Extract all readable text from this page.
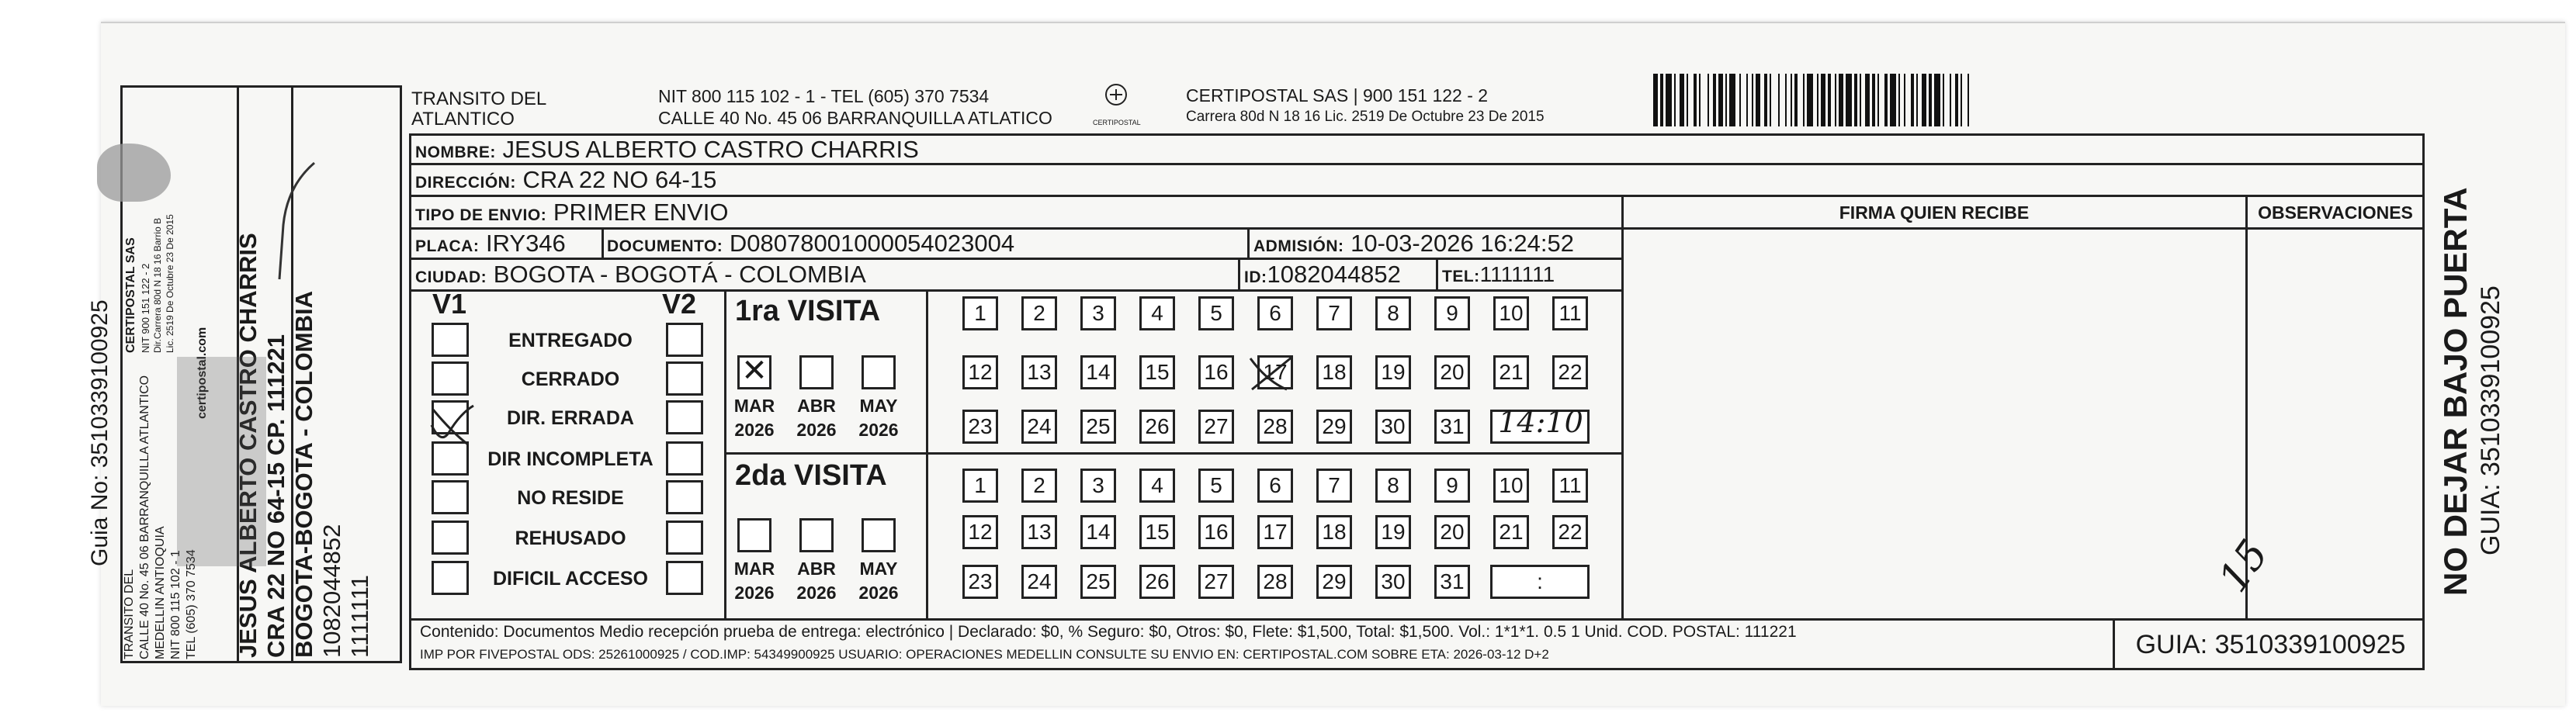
Guia No: 3510339100925
TRANSITO DEL CALLE 40 No. 45 06 BARRANQUILLA ATLANTICO MEDELLIN ANTIOQUIA NIT 800 115 102 - 1 TEL (605) 370 7534
CERTIPOSTAL SAS NIT 900 151 122 - 2 Dir.Carrera 80d N 18 16 Barrio B Lic. 2519 De Octubre 23 De 2015
certipostal.com JESUS ALBERTO CASTRO CHARRIS CRA 22 NO 64-15 CP. 111221 BOGOTA-BOGOTA - COLOMBIA 1082044852 1111111
TRANSITO DEL
ATLANTICO
NIT 800 115 102 - 1 - TEL (605) 370 7534
CALLE 40 No. 45 06 BARRANQUILLA ATLATICO	CERTIPOSTAL
CERTIPOSTAL SAS | 900 151 122 - 2
Carrera 80d N 18 16 Lic. 2519 De Octubre 23 De 2015
NOMBRE: JESUS ALBERTO CASTRO CHARRIS
DIRECCIÓN: CRA 22 NO 64-15
TIPO DE ENVIO: PRIMER ENVIO
PLACA: IRY346	DOCUMENTO: D08078001000054023004	ADMISIÓN: 10-03-2026 16:24:52
CIUDAD: BOGOTA - BOGOTÁ - COLOMBIA	ID:1082044852	TEL:1111111
FIRMA QUIEN RECIBE	OBSERVACIONES
V1	V2
ENTREGADO
CERRADO
DIR. ERRADA
DIR INCOMPLETA
NO RESIDE
REHUSADO
DIFICIL ACCESO
1ra VISITA
2da VISITA
1	2	3	4	5	6	7	8	9	10	11
12 13 14 15 16 17 18 19 20 21 22
23 24 25 26 27 28 29 30 31
1	2	3	4	5	6	7	8	9	10	11
12 13 14 15 16 17 18 19 20 21 22
23 24 25 26 27 28 29 30 31	:
MAR
2026
ABR
2026
MAY
2026
MAR
2026
ABR
2026
MAY
2026
✕
14:10
15
Contenido: Documentos Medio recepción prueba de entrega: electrónico | Declarado: $0, % Seguro: $0, Otros: $0, Flete: $1,500, Total: $1,500. Vol.: 1*1*1. 0.5 1 Unid. COD. POSTAL: 111221
IMP POR FIVEPOSTAL ODS: 25261000925 / COD.IMP: 54349900925 USUARIO: OPERACIONES MEDELLIN CONSULTE SU ENVIO EN: CERTIPOSTAL.COM SOBRE ETA: 2026-03-12 D+2	GUIA: 3510339100925
NO DEJAR BAJO PUERTA GUIA: 3510339100925
